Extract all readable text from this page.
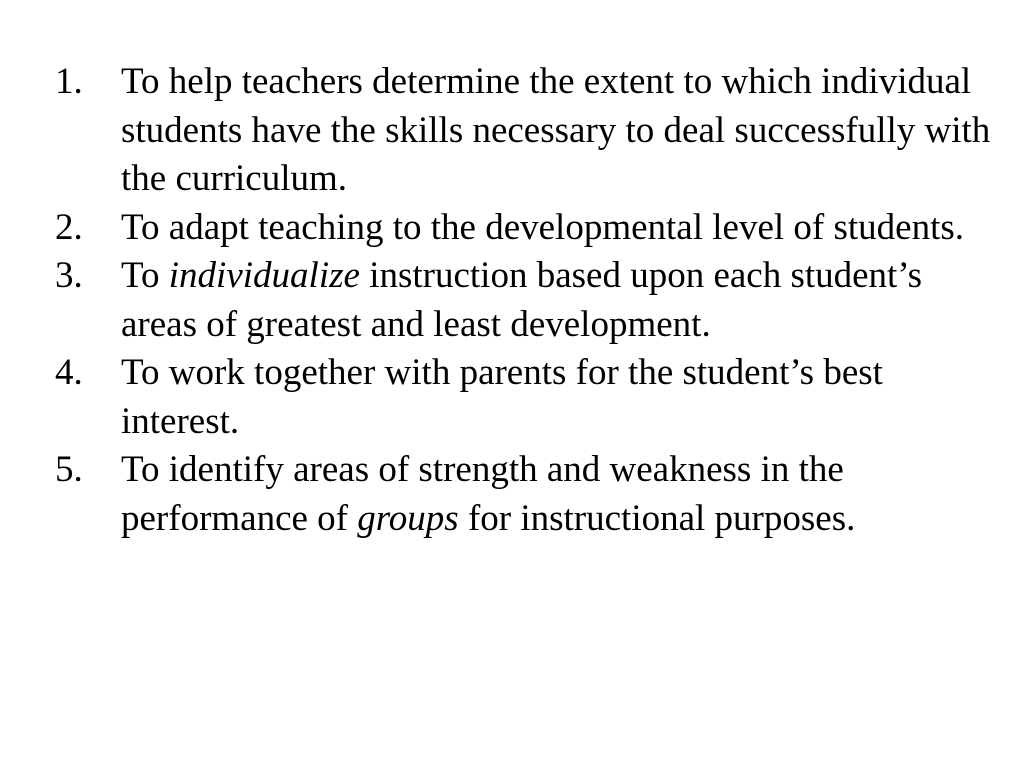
1. To help teachers determine the extent to which individual students have the skills necessary to deal successfully with the curriculum.
2. To adapt teaching to the developmental level of students.
3. To individualize instruction based upon each student’s areas of greatest and least development.
4. To work together with parents for the student’s best interest.
5. To identify areas of strength and weakness in the performance of groups for instructional purposes.
